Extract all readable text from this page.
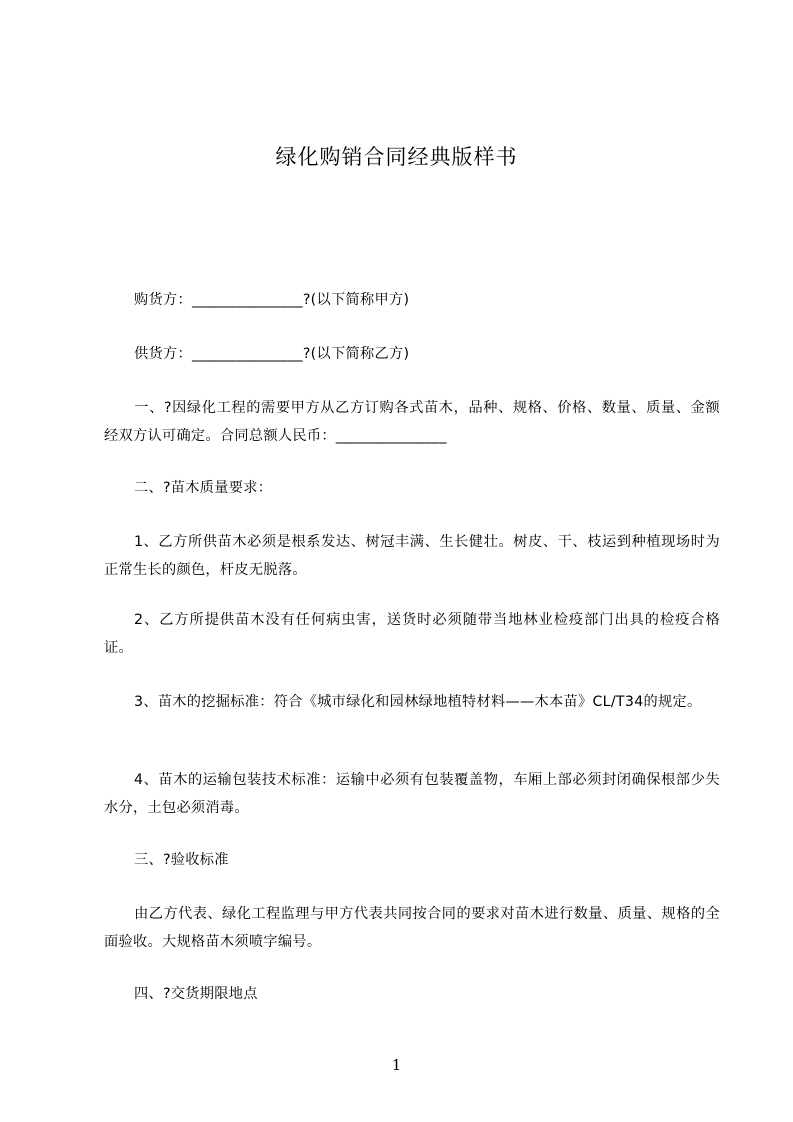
绿化购销合同经典版样书
购货方：_______________?(以下简称甲方)
供货方：_______________?(以下简称乙方)
一、?因绿化工程的需要甲方从乙方订购各式苗木，品种、规格、价格、数量、质量、金额经双方认可确定。合同总额人民币：_______________
二、?苗木质量要求：
1、乙方所供苗木必须是根系发达、树冠丰满、生长健壮。树皮、干、枝运到种植现场时为正常生长的颜色，杆皮无脱落。
2、乙方所提供苗木没有任何病虫害，送货时必须随带当地林业检疫部门出具的检疫合格证。
3、苗木的挖掘标准：符合《城市绿化和园林绿地植特材料——木本苗》CL/T34的规定。
4、苗木的运输包装技术标准：运输中必须有包装覆盖物，车厢上部必须封闭确保根部少失水分，土包必须消毒。
三、?验收标准
由乙方代表、绿化工程监理与甲方代表共同按合同的要求对苗木进行数量、质量、规格的全面验收。大规格苗木须喷字编号。
四、?交货期限地点
1
